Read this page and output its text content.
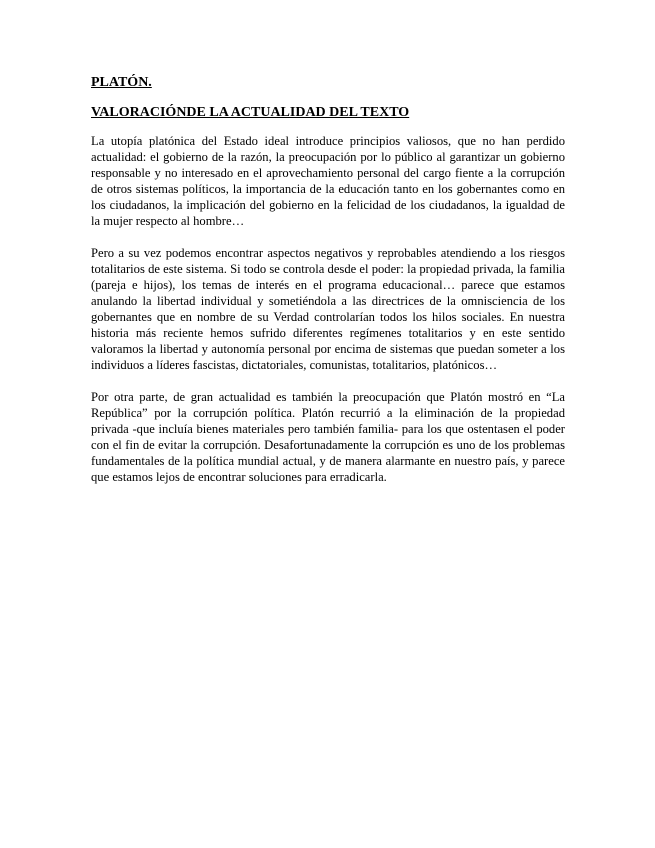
PLATÓN.

VALORACIÓNDE LA ACTUALIDAD DEL TEXTO

La utopía platónica del Estado ideal introduce principios valiosos, que no han perdido actualidad: el gobierno de la razón, la preocupación por lo público al garantizar un gobierno responsable y no interesado en el aprovechamiento personal del cargo fiente a la corrupción de otros sistemas políticos, la importancia de la educación tanto en los gobernantes como en los ciudadanos, la implicación del gobierno en la felicidad de los ciudadanos, la igualdad de la mujer respecto al hombre…

Pero a su vez podemos encontrar aspectos negativos y reprobables atendiendo a los riesgos totalitarios de este sistema. Si todo se controla desde el poder: la propiedad privada, la familia (pareja e hijos), los temas de interés en el programa educacional… parece que estamos anulando la libertad individual y sometiéndola a las directrices de la omnisciencia de los gobernantes que en nombre de su Verdad controlarían todos los hilos sociales. En nuestra historia más reciente hemos sufrido diferentes regímenes totalitarios y en este sentido valoramos la libertad y autonomía personal por encima de sistemas que puedan someter a los individuos a líderes fascistas, dictatoriales, comunistas, totalitarios, platónicos…

Por otra parte, de gran actualidad es también la preocupación que Platón mostró en “La República” por la corrupción política. Platón recurrió a la eliminación de la propiedad privada -que incluía bienes materiales pero también familia- para los que ostentasen el poder con el fin de evitar la corrupción. Desafortunadamente la corrupción es uno de los problemas fundamentales de la política mundial actual, y de manera alarmante en nuestro país, y parece que estamos lejos de encontrar soluciones para erradicarla.
